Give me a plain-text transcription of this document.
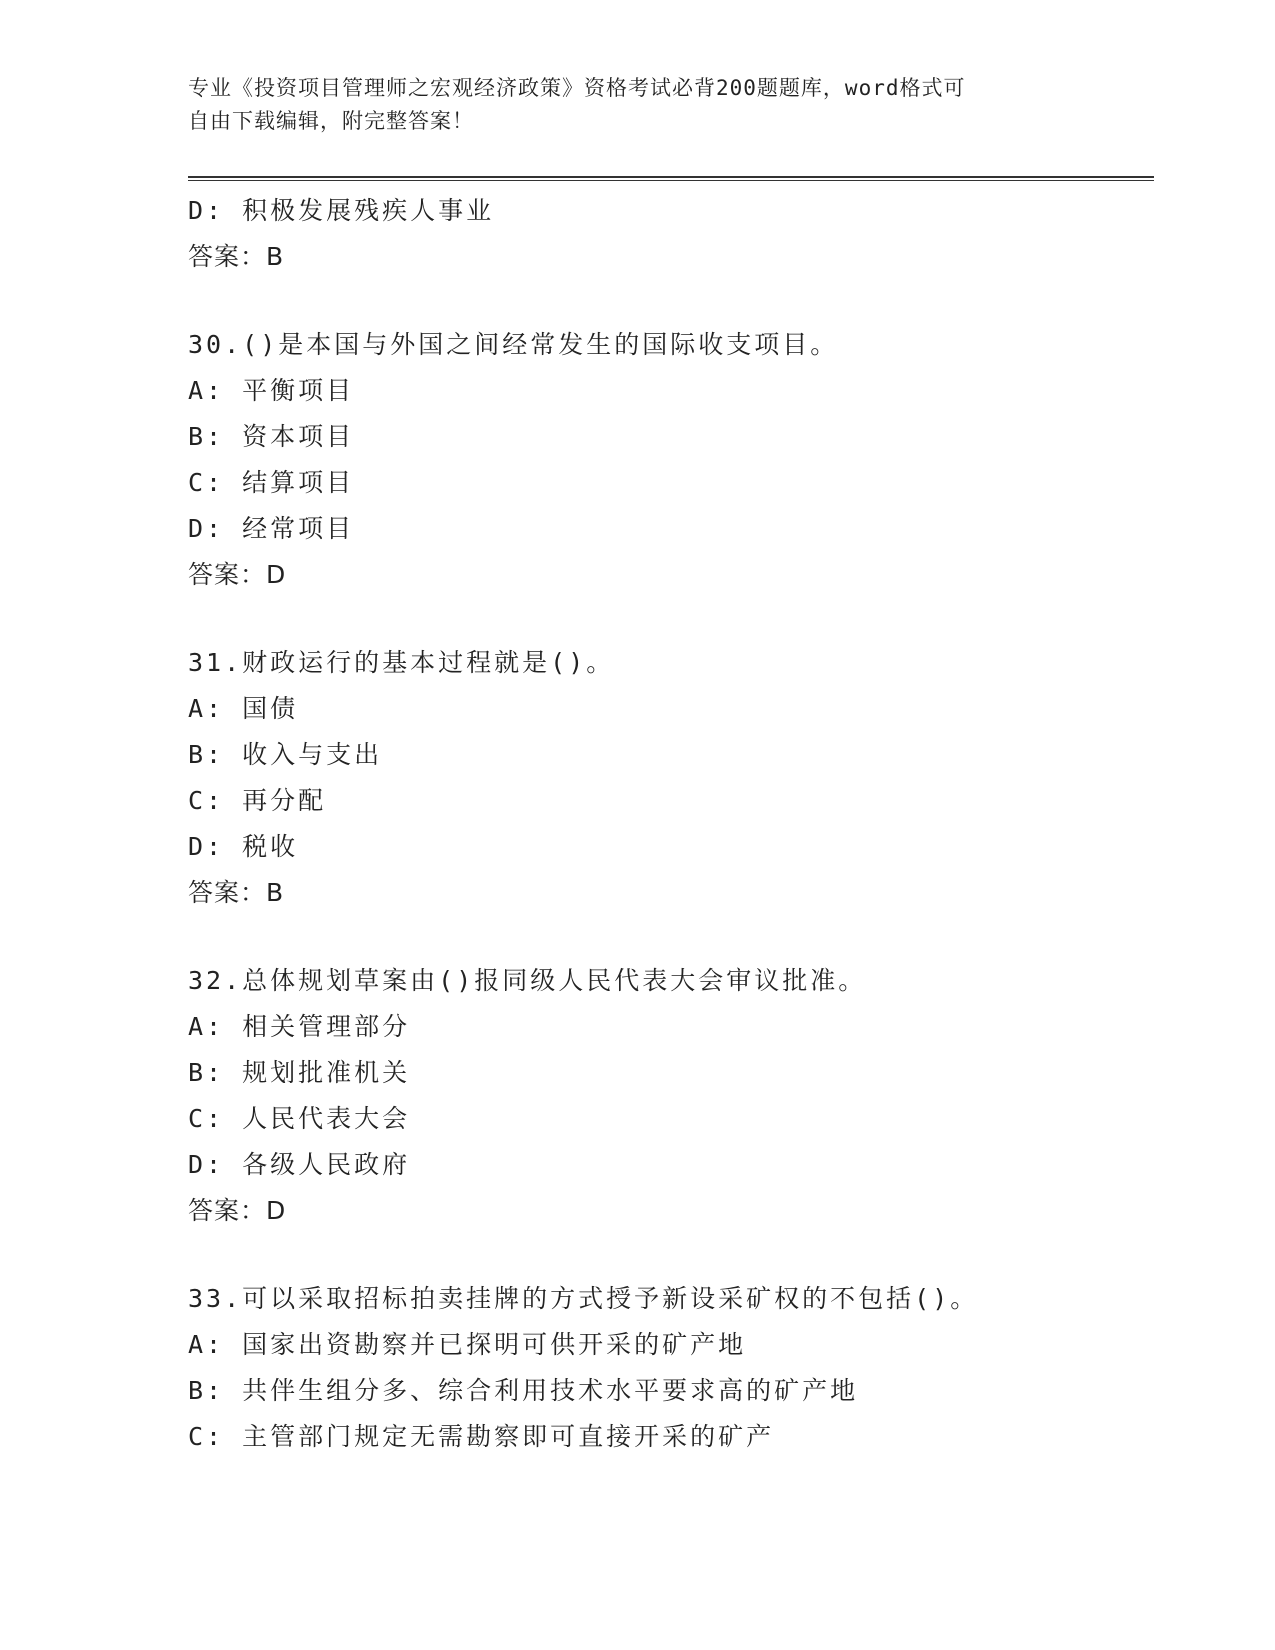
专业《投资项目管理师之宏观经济政策》资格考试必背200题题库，word格式可
自由下载编辑，附完整答案！
D: 积极发展残疾人事业
答案：B
30.()是本国与外国之间经常发生的国际收支项目。
A: 平衡项目
B: 资本项目
C: 结算项目
D: 经常项目
答案：D
31.财政运行的基本过程就是()。
A: 国债
B: 收入与支出
C: 再分配
D: 税收
答案：B
32.总体规划草案由()报同级人民代表大会审议批准。
A: 相关管理部分
B: 规划批准机关
C: 人民代表大会
D: 各级人民政府
答案：D
33.可以采取招标拍卖挂牌的方式授予新设采矿权的不包括()。
A: 国家出资勘察并已探明可供开采的矿产地
B: 共伴生组分多、综合利用技术水平要求高的矿产地
C: 主管部门规定无需勘察即可直接开采的矿产
